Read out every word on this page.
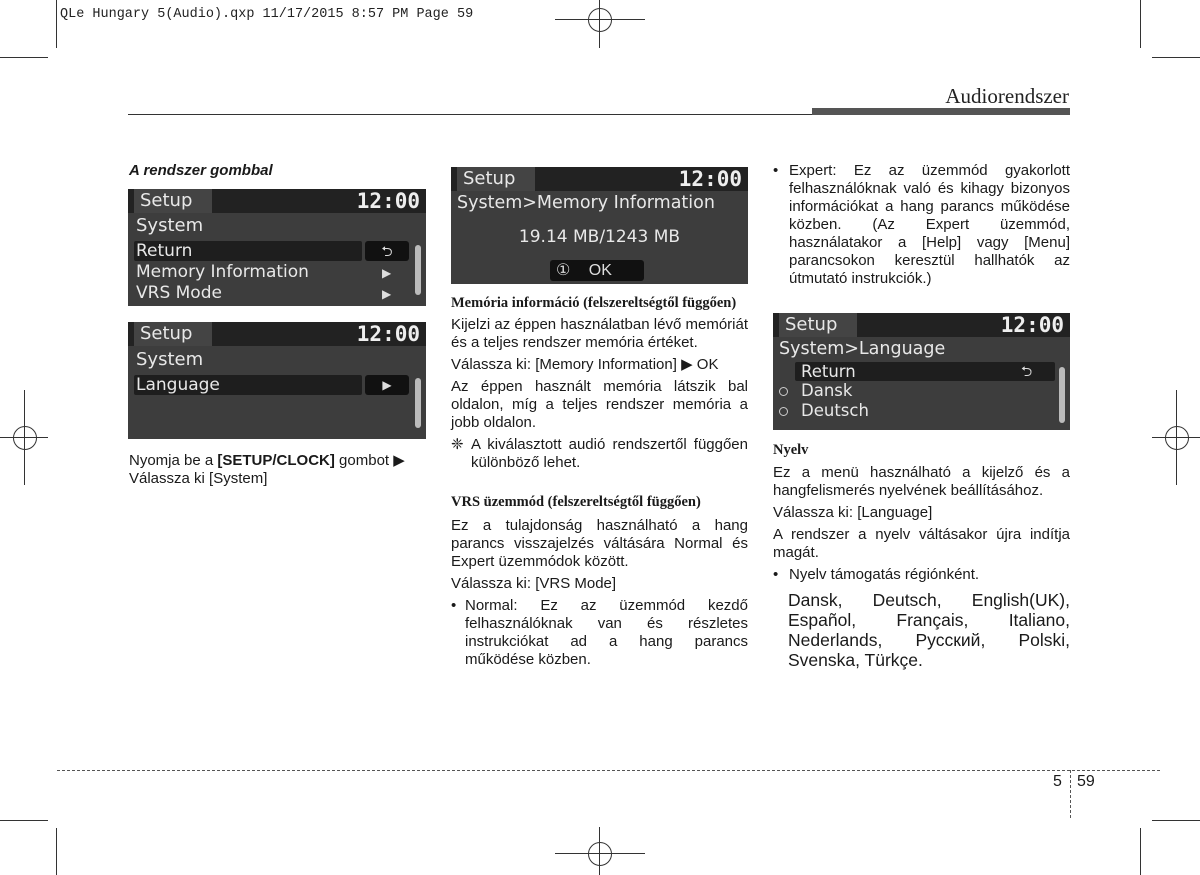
QLe Hungary 5(Audio).qxp 11/17/2015 8:57 PM Page 59
Audiorendszer
A rendszer gombbal
Setup	12:00
System
Return	⮌
Memory Information	▶
VRS Mode	▶
Setup	12:00
System
Language	▶
Nyomja be a [SETUP/CLOCK] gombot ▶
Válassza ki [System]
Setup	12:00
System>Memory Information
19.14 MB/1243 MB
① OK
Memória információ (felszereltségtől függően)

Kijelzi az éppen használatban lévő memóriát és a teljes rendszer memória értéket.

Válassza ki: [Memory Information] ▶ OK

Az éppen használt memória látszik bal oldalon, míg a teljes rendszer memória a jobb oldalon.

❈ A kiválasztott audió rendszertől függően különböző lehet.
VRS üzemmód (felszereltségtől függően)

Ez a tulajdonság használható a hang parancs visszajelzés váltására Normal és Expert üzemmódok között.

Válassza ki: [VRS Mode]

• Normal: Ez az üzemmód kezdő felhasználóknak van és részletes instrukciókat ad a hang parancs működése közben.
• Expert: Ez az üzemmód gyakorlott felhasználóknak való és kihagy bizonyos információkat a hang parancs működése közben. (Az Expert üzemmód, használatakor a [Help] vagy [Menu] parancsokon keresztül hallhatók az útmutató instrukciók.)
Setup	12:00
System>Language
Return	⮌
Dansk
Deutsch
Nyelv

Ez a menü használható a kijelző és a hangfelismerés nyelvének beállításához.

Válassza ki: [Language]

A rendszer a nyelv váltásakor újra indítja magát.

• Nyelv támogatás régiónként.
Dansk, Deutsch, English(UK), Español, Français, Italiano, Nederlands, Русский, Polski, Svenska, Türkçe.
5 59
